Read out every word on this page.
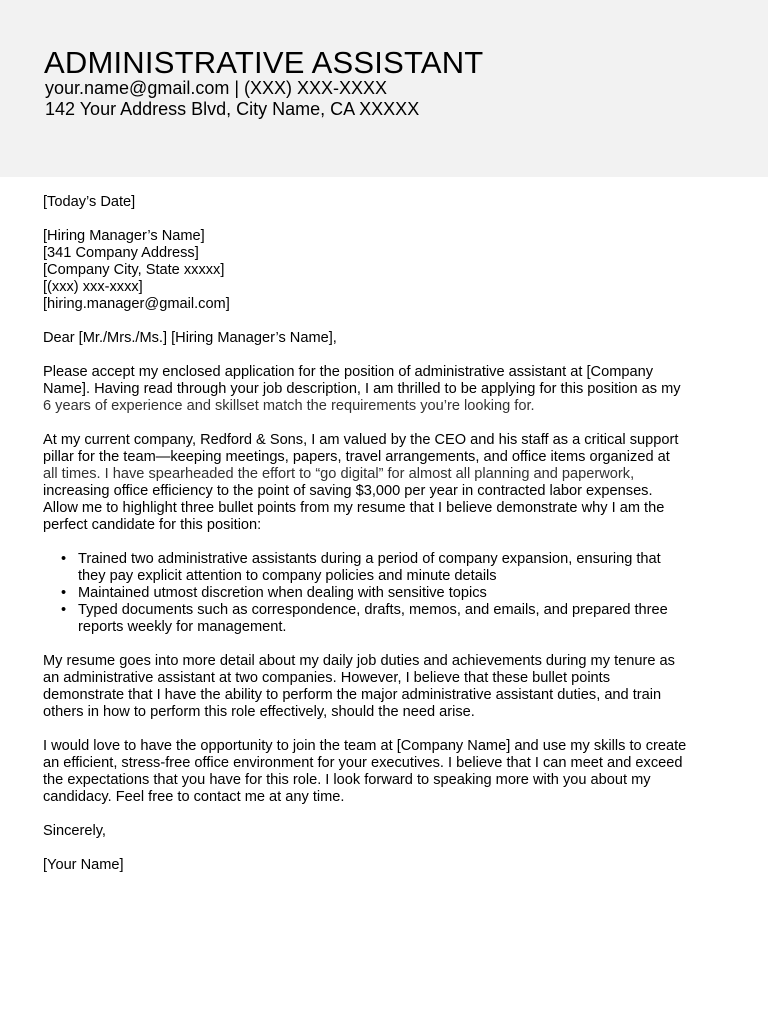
ADMINISTRATIVE ASSISTANT
your.name@gmail.com | (XXX) XXX-XXXX
142 Your Address Blvd, City Name, CA XXXXX

[Today’s Date]

[Hiring Manager’s Name]
[341 Company Address]
[Company City, State xxxxx]
[(xxx) xxx-xxxx]
[hiring.manager@gmail.com]

Dear [Mr./Mrs./Ms.] [Hiring Manager’s Name],

Please accept my enclosed application for the position of administrative assistant at [Company
Name]. Having read through your job description, I am thrilled to be applying for this position as my
6 years of experience and skillset match the requirements you’re looking for.

At my current company, Redford & Sons, I am valued by the CEO and his staff as a critical support
pillar for the team—keeping meetings, papers, travel arrangements, and office items organized at
all times. I have spearheaded the effort to “go digital” for almost all planning and paperwork,
increasing office efficiency to the point of saving $3,000 per year in contracted labor expenses.
Allow me to highlight three bullet points from my resume that I believe demonstrate why I am the
perfect candidate for this position:

• Trained two administrative assistants during a period of company expansion, ensuring that
they pay explicit attention to company policies and minute details
• Maintained utmost discretion when dealing with sensitive topics
• Typed documents such as correspondence, drafts, memos, and emails, and prepared three
reports weekly for management.

My resume goes into more detail about my daily job duties and achievements during my tenure as
an administrative assistant at two companies. However, I believe that these bullet points
demonstrate that I have the ability to perform the major administrative assistant duties, and train
others in how to perform this role effectively, should the need arise.

I would love to have the opportunity to join the team at [Company Name] and use my skills to create
an efficient, stress-free office environment for your executives. I believe that I can meet and exceed
the expectations that you have for this role. I look forward to speaking more with you about my
candidacy. Feel free to contact me at any time.

Sincerely,

[Your Name]
